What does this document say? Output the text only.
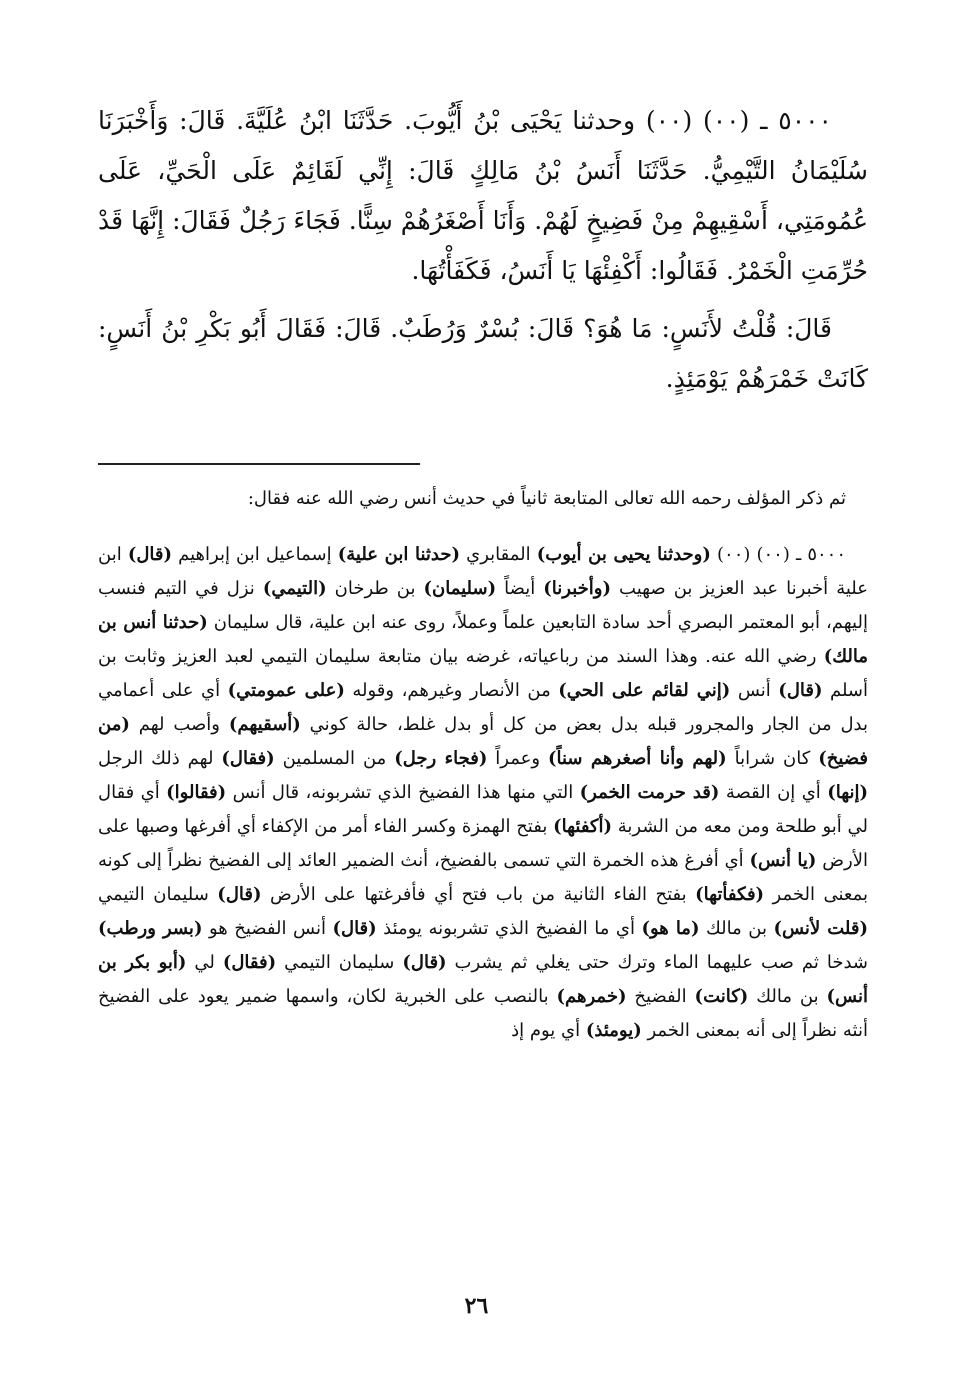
٥٠٠٠ ـ (٠٠) (٠٠) وحدثنا يَحْيَى بْنُ أَيُّوبَ. حَدَّثَنَا ابْنُ عُلَيَّةَ. قَالَ: وَأَخْبَرَنَا سُلَيْمَانُ التَّيْمِيُّ. حَدَّثَنَا أَنَسُ بْنُ مَالِكٍ قَالَ: إِنِّي لَقَائِمٌ عَلَى الْحَيِّ، عَلَى عُمُومَتِي، أَسْقِيهِمْ مِنْ فَضِيخٍ لَهُمْ. وَأَنَا أَصْغَرُهُمْ سِنًّا. فَجَاءَ رَجُلٌ فَقَالَ: إِنَّهَا قَدْ حُرِّمَتِ الْخَمْرُ. فَقَالُوا: أَكْفِئْهَا يَا أَنَسُ، فَكَفَأْتُهَا.

قَالَ: قُلْتُ لأَنَسٍ: مَا هُوَ؟ قَالَ: بُسْرٌ وَرُطَبٌ. قَالَ: فَقَالَ أَبُو بَكْرِ بْنُ أَنَسٍ: كَانَتْ خَمْرَهُمْ يَوْمَئِذٍ.

ثم ذكر المؤلف رحمه الله تعالى المتابعة ثانياً في حديث أنس رضي الله عنه فقال:

٥٠٠٠ ـ (٠٠) (٠٠) (وحدثنا يحيى بن أيوب) المقابري (حدثنا ابن علية) إسماعيل ابن إبراهيم (قال) ابن علية أخبرنا عبد العزيز بن صهيب (وأخبرنا) أيضاً (سليمان) بن طرخان (التيمي) نزل في التيم فنسب إليهم، أبو المعتمر البصري أحد سادة التابعين علماً وعملاً، روى عنه ابن علية، قال سليمان (حدثنا أنس بن مالك) رضي الله عنه. وهذا السند من رباعياته، غرضه بيان متابعة سليمان التيمي لعبد العزيز وثابت بن أسلم (قال) أنس (إني لقائم على الحي) من الأنصار وغيرهم، وقوله (على عمومتي) أي على أعمامي بدل من الجار والمجرور قبله بدل بعض من كل أو بدل غلط، حالة كوني (أسقيهم) وأصب لهم (من فضيخ) كان شراباً (لهم وأنا أصغرهم سناً) وعمراً (فجاء رجل) من المسلمين (فقال) لهم ذلك الرجل (إنها) أي إن القصة (قد حرمت الخمر) التي منها هذا الفضيخ الذي تشربونه، قال أنس (فقالوا) أي فقال لي أبو طلحة ومن معه من الشربة (أكفئها) بفتح الهمزة وكسر الفاء أمر من الإكفاء أي أفرغها وصبها على الأرض (يا أنس) أي أفرغ هذه الخمرة التي تسمى بالفضيخ، أنث الضمير العائد إلى الفضيخ نظراً إلى كونه بمعنى الخمر (فكفأتها) بفتح الفاء الثانية من باب فتح أي فأفرغتها على الأرض (قال) سليمان التيمي (قلت لأنس) بن مالك (ما هو) أي ما الفضيخ الذي تشربونه يومئذ (قال) أنس الفضيخ هو (بسر ورطب) شدخا ثم صب عليهما الماء وترك حتى يغلي ثم يشرب (قال) سليمان التيمي (فقال) لي (أبو بكر بن أنس) بن مالك (كانت) الفضيخ (خمرهم) بالنصب على الخبرية لكان، واسمها ضمير يعود على الفضيخ أنثه نظراً إلى أنه بمعنى الخمر (يومئذ) أي يوم إذ

٢٦
